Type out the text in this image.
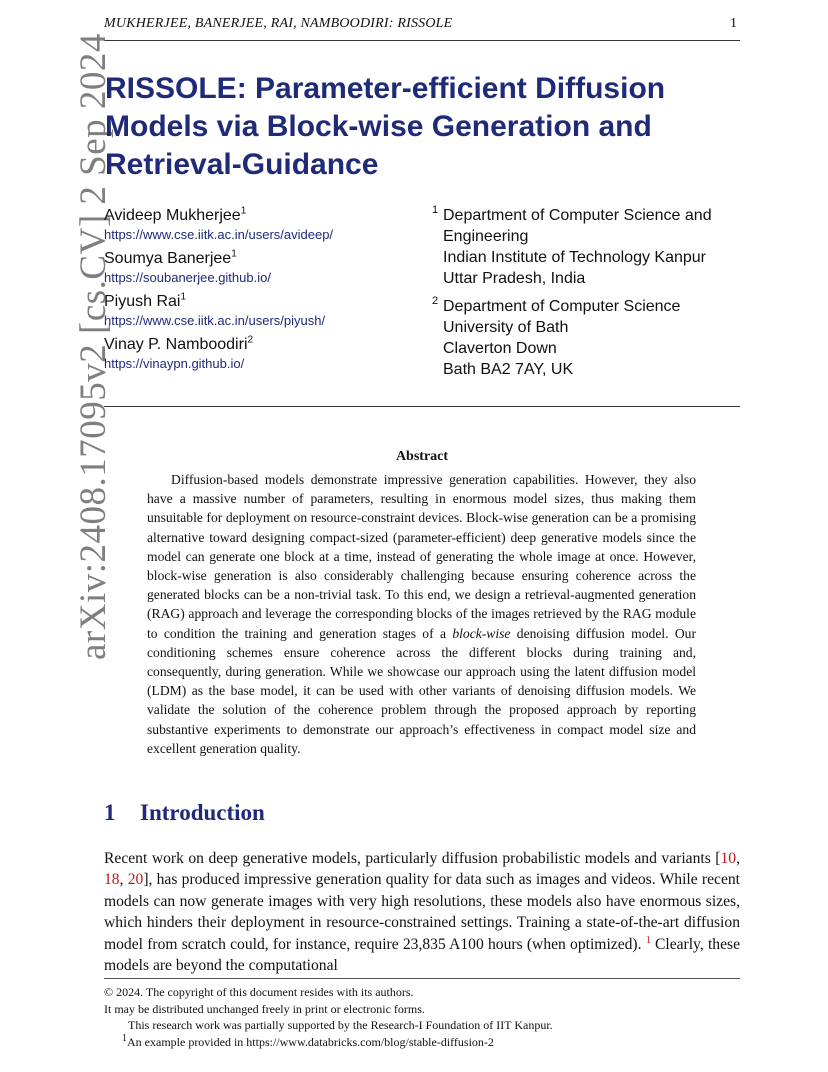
MUKHERJEE, BANERJEE, RAI, NAMBOODIRI: RISSOLE	1
arXiv:2408.17095v2 [cs.CV] 2 Sep 2024
RISSOLE: Parameter-efficient Diffusion Models via Block-wise Generation and Retrieval-Guidance
Avideep Mukherjee$^1$
https://www.cse.iitk.ac.in/users/avideep/
Soumya Banerjee$^1$
https://soubanerjee.github.io/
Piyush Rai$^1$
https://www.cse.iitk.ac.in/users/piyush/
Vinay P. Namboodiri$^2$
https://vinaypn.github.io/
1 Department of Computer Science and
Engineering
Indian Institute of Technology Kanpur
Uttar Pradesh, India
2 Department of Computer Science
University of Bath
Claverton Down
Bath BA2 7AY, UK
Abstract
Diffusion-based models demonstrate impressive generation capabilities. However, they also have a massive number of parameters, resulting in enormous model sizes, thus making them unsuitable for deployment on resource-constraint devices. Block-wise generation can be a promising alternative toward designing compact-sized (parameter-efficient) deep generative models since the model can generate one block at a time, instead of generating the whole image at once. However, block-wise generation is also considerably challenging because ensuring coherence across the generated blocks can be a non-trivial task. To this end, we design a retrieval-augmented generation (RAG) approach and leverage the corresponding blocks of the images retrieved by the RAG module to condition the training and generation stages of a block-wise denoising diffusion model. Our conditioning schemes ensure coherence across the different blocks during training and, consequently, during generation. While we showcase our approach using the latent diffusion model (LDM) as the base model, it can be used with other variants of denoising diffusion models. We validate the solution of the coherence problem through the proposed approach by reporting substantive experiments to demonstrate our approach’s effectiveness in compact model size and excellent generation quality.
1 Introduction
Recent work on deep generative models, particularly diffusion probabilistic models and variants [10, 18, 20], has produced impressive generation quality for data such as images and videos. While recent models can now generate images with very high resolutions, these models also have enormous sizes, which hinders their deployment in resource-constrained settings. Training a state-of-the-art diffusion model from scratch could, for instance, require 23,835 A100 hours (when optimized). $^1$ Clearly, these models are beyond the computational
© 2024. The copyright of this document resides with its authors.
It may be distributed unchanged freely in print or electronic forms.
This research work was partially supported by the Research-I Foundation of IIT Kanpur.
$^1$An example provided in https://www.databricks.com/blog/stable-diffusion-2
